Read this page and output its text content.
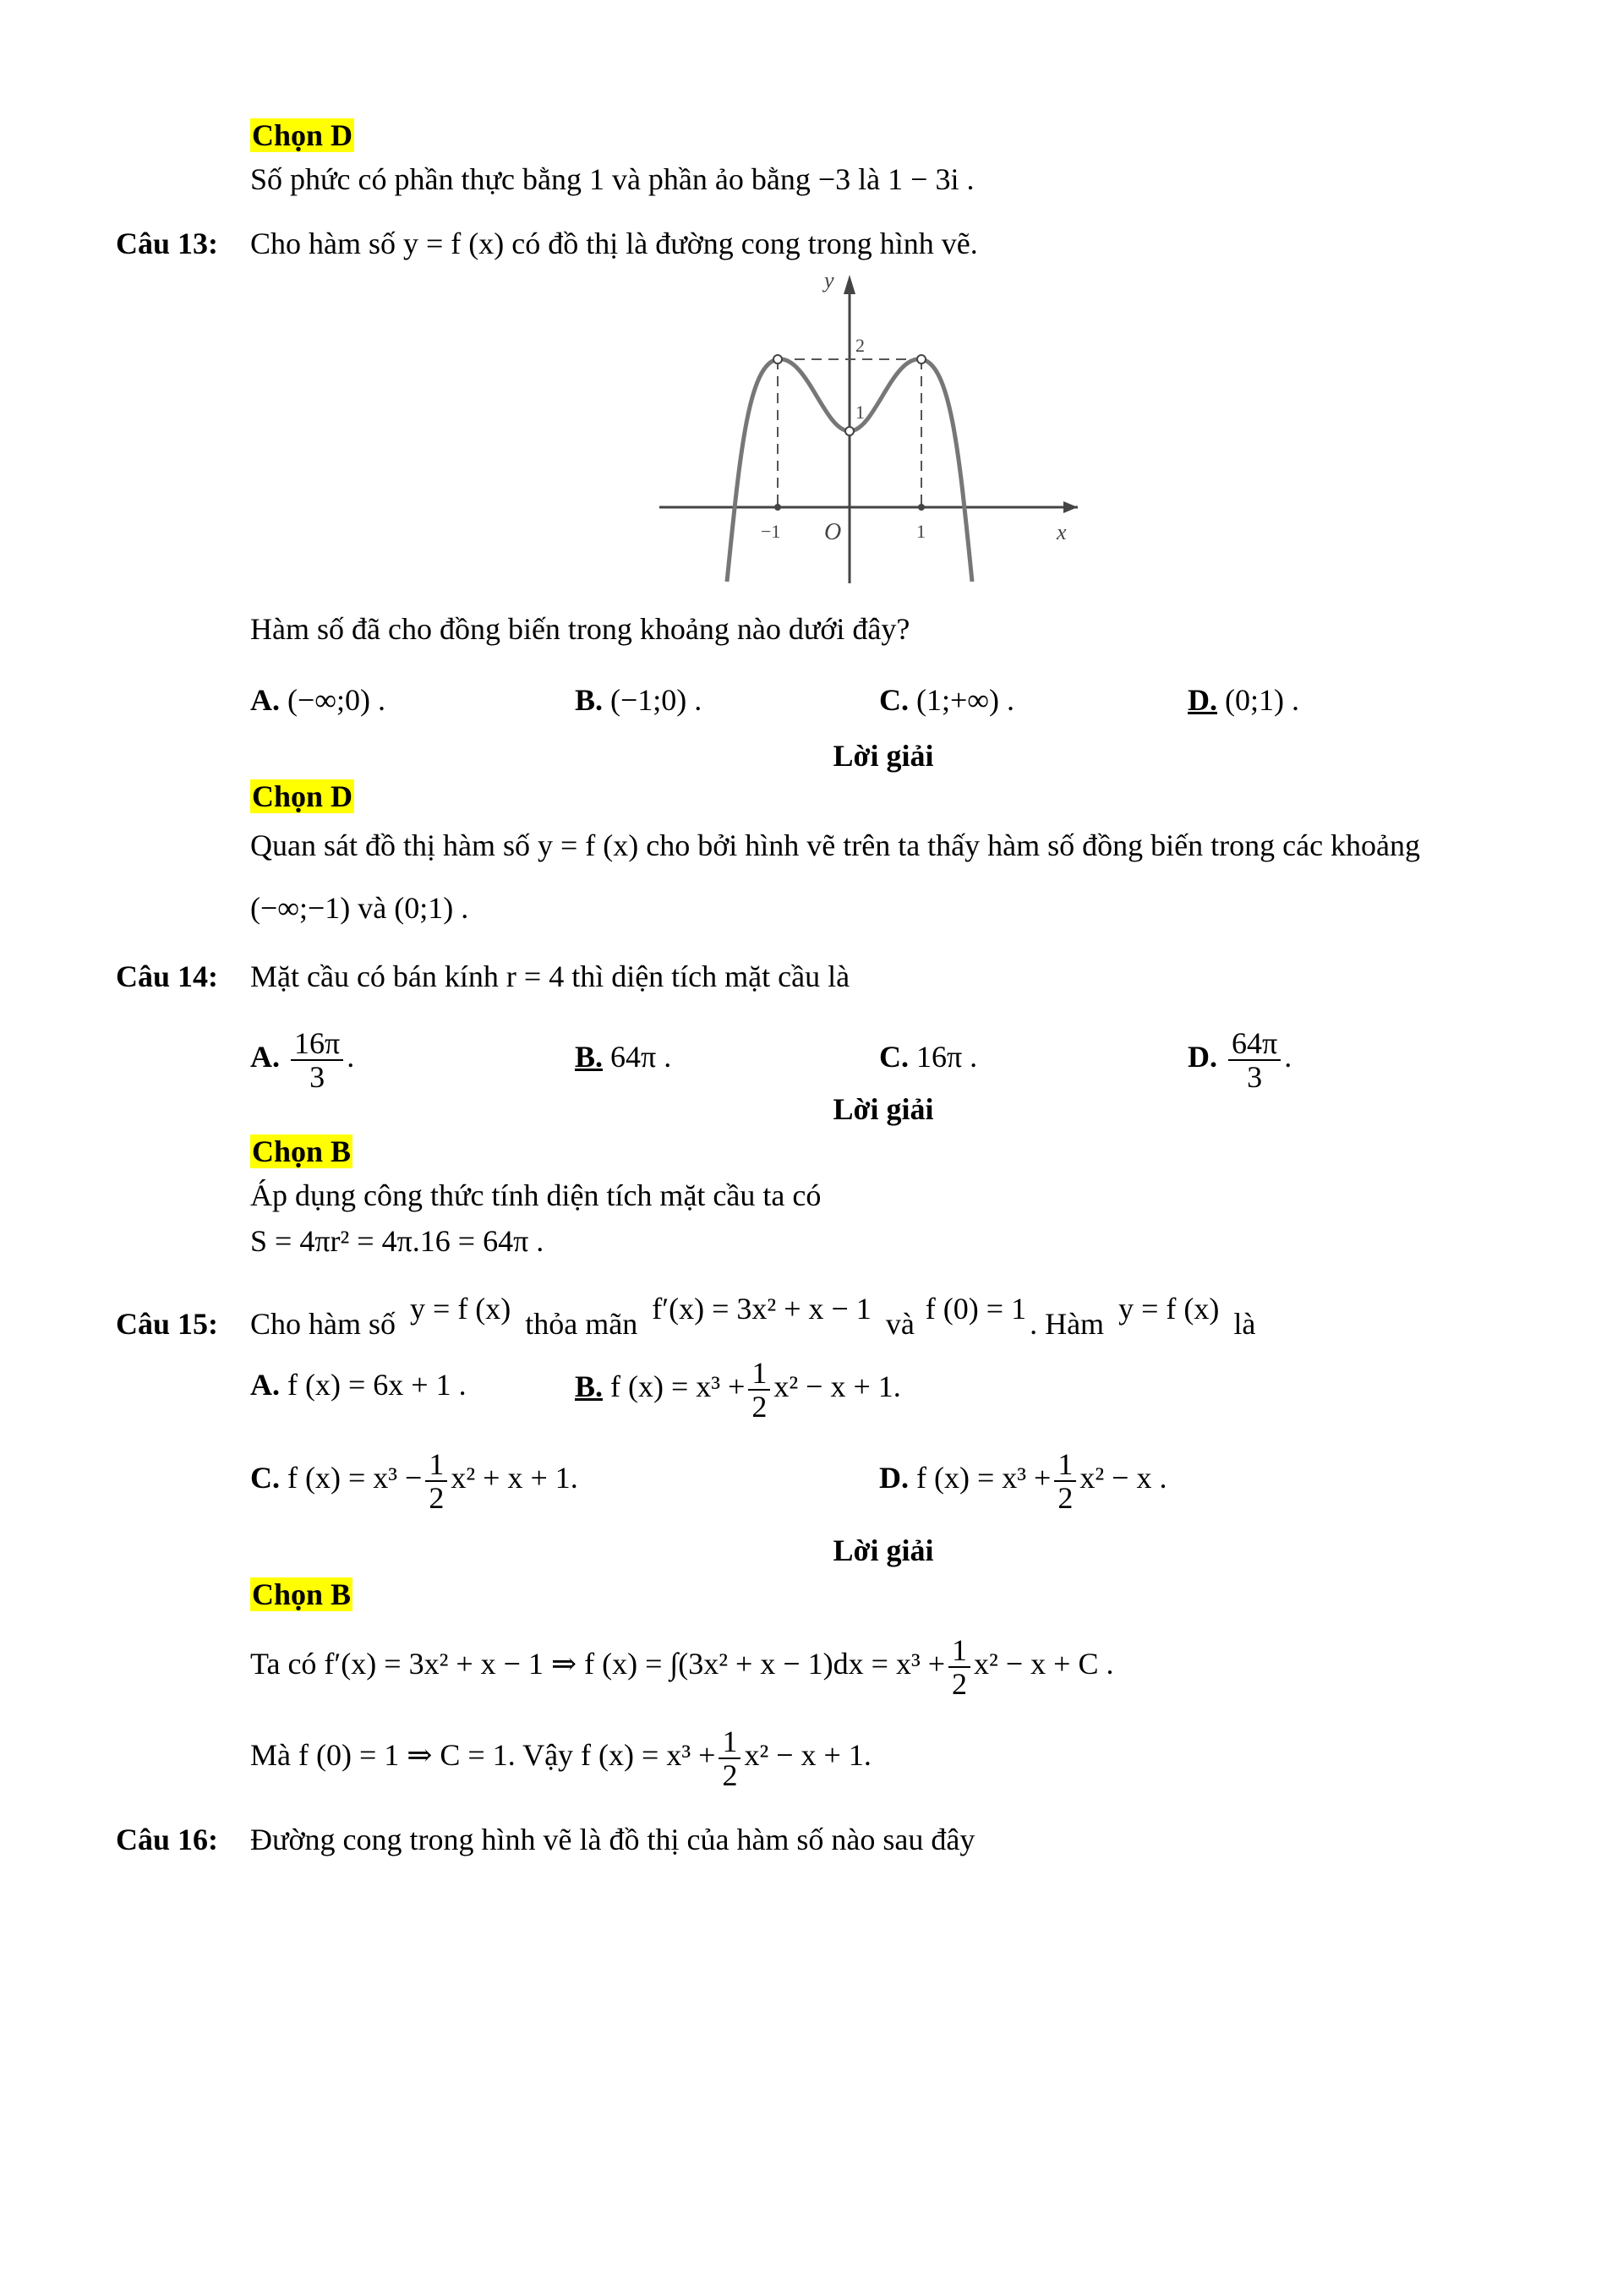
Chọn D
Số phức có phần thực bằng 1 và phần ảo bằng −3 là 1 − 3i .
Câu 13: Cho hàm số y = f (x) có đồ thị là đường cong trong hình vẽ.
y
x
O
−1	1
2
1
Hàm số đã cho đồng biến trong khoảng nào dưới đây?
A. (−∞;0) .	B. (−1;0) .	C. (1;+∞) .	D. (0;1) .
Lời giải
Chọn D
Quan sát đồ thị hàm số y = f (x) cho bởi hình vẽ trên ta thấy hàm số đồng biến trong các khoảng
(−∞;−1) và (0;1) .
Câu 14: Mặt cầu có bán kính r = 4 thì diện tích mặt cầu là
A. $\frac{16\pi}{3}$ .	B. 64π .	C. 16π .	D. $\frac{64\pi}{3}$ .
Lời giải
Chọn B
Áp dụng công thức tính diện tích mặt cầu ta có
S = 4πr² = 4π.16 = 64π .
Câu 15: Cho hàm số y = f (x) thỏa mãn f′(x) = 3x² + x − 1 và f (0) = 1 . Hàm y = f (x) là
A. f (x) = 6x + 1 .	B. f $(x) = x^3 + \frac{1}{2} x^2 - x + 1$.
C. f $(x) = x^3 - \frac{1}{2} x^2 + x + 1$.	D. f $(x) = x^3 + \frac{1}{2} x^2 - x$ .
Lời giải
Chọn B
Ta có f′(x) = 3x² + x − 1 ⇒ f $(x) = \int(3x^2 + x - 1)dx = x^3 + \frac{1}{2} x^2 - x + C$ .
Mà f (0) = 1 ⇒ C = 1. Vậy f $(x) = x^3 + \frac{1}{2} x^2 - x + 1$.
Câu 16: Đường cong trong hình vẽ là đồ thị của hàm số nào sau đây
